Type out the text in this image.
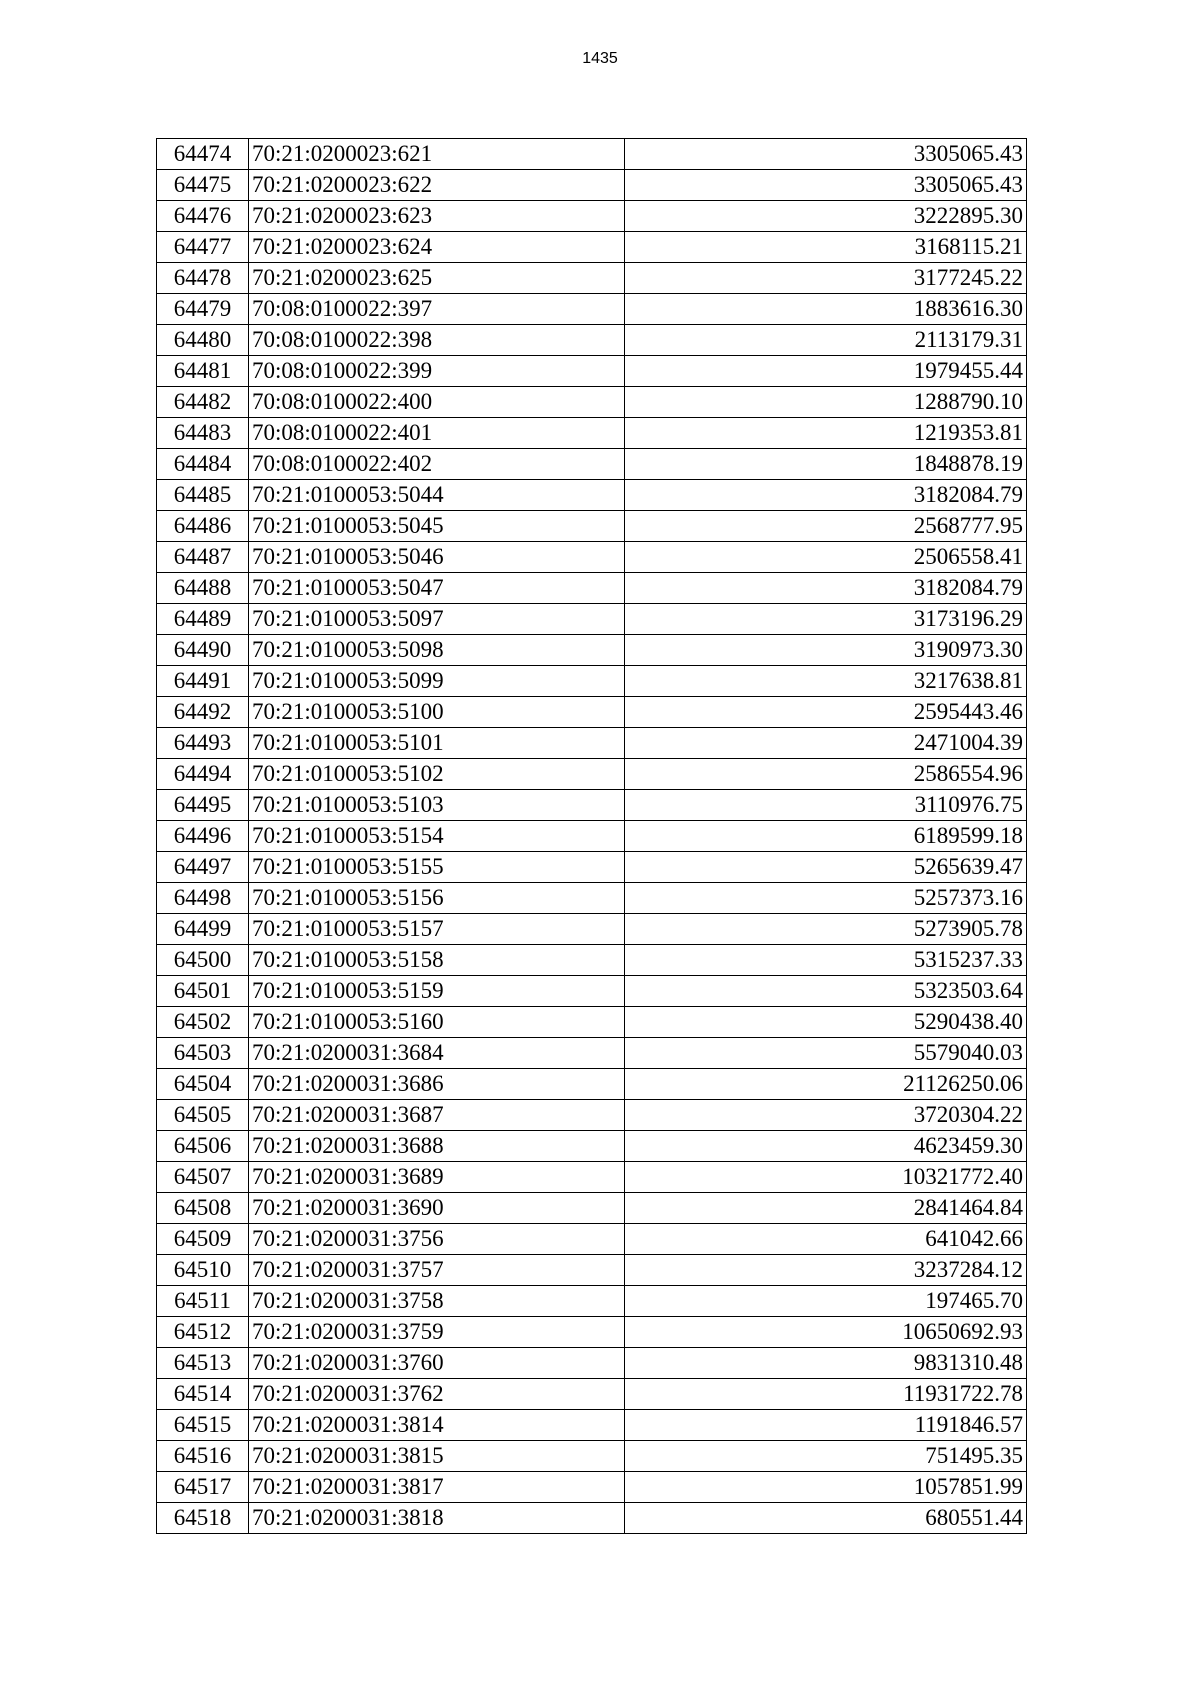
1435
64474	70:21:0200023:621	3305065.43
64475	70:21:0200023:622	3305065.43
64476	70:21:0200023:623	3222895.30
64477	70:21:0200023:624	3168115.21
64478	70:21:0200023:625	3177245.22
64479	70:08:0100022:397	1883616.30
64480	70:08:0100022:398	2113179.31
64481	70:08:0100022:399	1979455.44
64482	70:08:0100022:400	1288790.10
64483	70:08:0100022:401	1219353.81
64484	70:08:0100022:402	1848878.19
64485	70:21:0100053:5044	3182084.79
64486	70:21:0100053:5045	2568777.95
64487	70:21:0100053:5046	2506558.41
64488	70:21:0100053:5047	3182084.79
64489	70:21:0100053:5097	3173196.29
64490	70:21:0100053:5098	3190973.30
64491	70:21:0100053:5099	3217638.81
64492	70:21:0100053:5100	2595443.46
64493	70:21:0100053:5101	2471004.39
64494	70:21:0100053:5102	2586554.96
64495	70:21:0100053:5103	3110976.75
64496	70:21:0100053:5154	6189599.18
64497	70:21:0100053:5155	5265639.47
64498	70:21:0100053:5156	5257373.16
64499	70:21:0100053:5157	5273905.78
64500	70:21:0100053:5158	5315237.33
64501	70:21:0100053:5159	5323503.64
64502	70:21:0100053:5160	5290438.40
64503	70:21:0200031:3684	5579040.03
64504	70:21:0200031:3686	21126250.06
64505	70:21:0200031:3687	3720304.22
64506	70:21:0200031:3688	4623459.30
64507	70:21:0200031:3689	10321772.40
64508	70:21:0200031:3690	2841464.84
64509	70:21:0200031:3756	641042.66
64510	70:21:0200031:3757	3237284.12
64511	70:21:0200031:3758	197465.70
64512	70:21:0200031:3759	10650692.93
64513	70:21:0200031:3760	9831310.48
64514	70:21:0200031:3762	11931722.78
64515	70:21:0200031:3814	1191846.57
64516	70:21:0200031:3815	751495.35
64517	70:21:0200031:3817	1057851.99
64518	70:21:0200031:3818	680551.44
